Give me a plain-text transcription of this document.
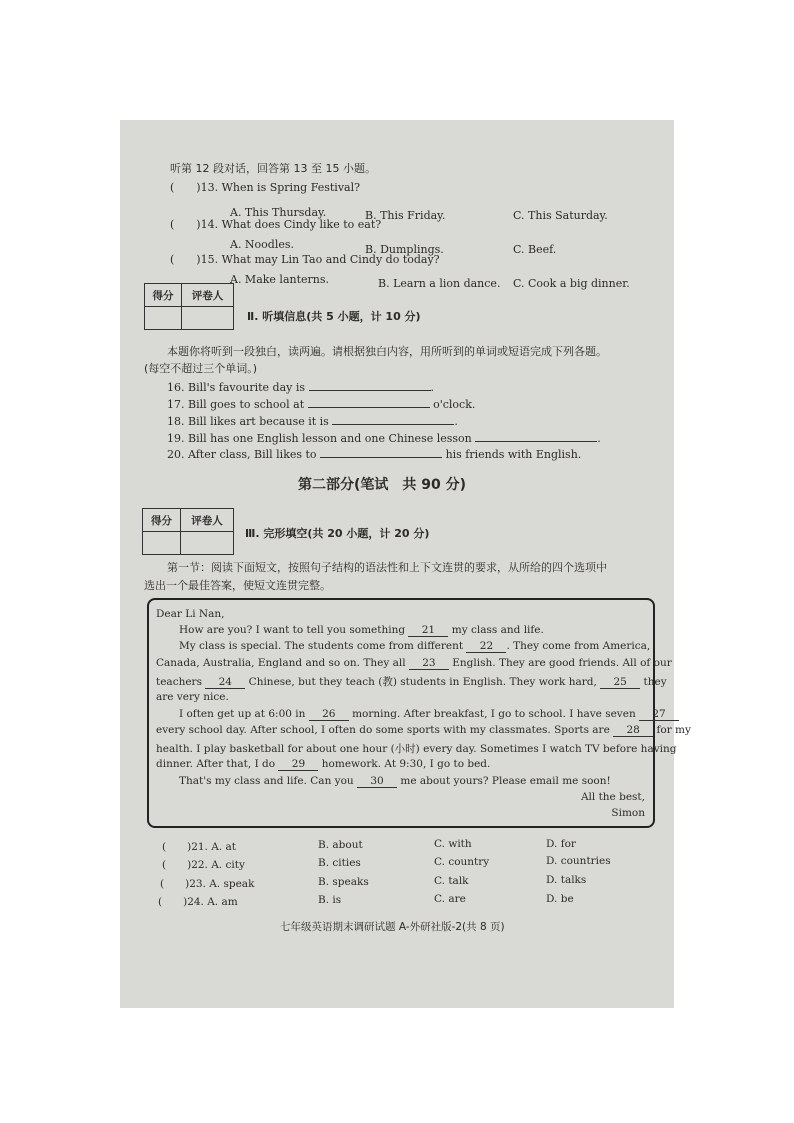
听第 12 段对话，回答第 13 至 15 小题。
(　　)13. When is Spring Festival?
A. This Thursday.	B. This Friday.	C. This Saturday.
(　　)14. What does Cindy like to eat?
A. Noodles.	B. Dumplings.	C. Beef.
(　　)15. What may Lin Tao and Cindy do today?
A. Make lanterns.	B. Learn a lion dance. C. Cook a big dinner.
得分	评卷人
Ⅱ. 听填信息(共 5 小题，计 10 分)
本题你将听到一段独白，读两遍。请根据独白内容，用所听到的单词或短语完成下列各题。
(每空不超过三个单词。)
16. Bill's favourite day is	.
17. Bill goes to school at	o'clock.
18. Bill likes art because it is	.
19. Bill has one English lesson and one Chinese lesson	.
20. After class, Bill likes to	his friends with English.
第二部分(笔试　共 90 分)
得分	评卷人
Ⅲ. 完形填空(共 20 小题，计 20 分)
第一节：阅读下面短文，按照句子结构的语法性和上下文连贯的要求，从所给的四个选项中
选出一个最佳答案，使短文连贯完整。
Dear Li Nan,
How are you? I want to tell you something 21 my class and life.
My class is special. The students come from different 22 . They come from America,
Canada, Australia, England and so on. They all 23 English. They are good friends. All of our
teachers 24 Chinese, but they teach (教) students in English. They work hard, 25 they
are very nice.
I often get up at 6:00 in 26 morning. After breakfast, I go to school. I have seven 27
every school day. After school, I often do some sports with my classmates. Sports are 28 for my
health. I play basketball for about one hour (小时) every day. Sometimes I watch TV before having
dinner. After that, I do 29 homework. At 9:30, I go to bed.
That's my class and life. Can you 30 me about yours? Please email me soon!
All the best,
Simon
(　　)21. A. at	B. about	C. with	D. for
(　　)22. A. city	B. cities	C. country	D. countries
(　　)23. A. speak	B. speaks	C. talk	D. talks
(　　)24. A. am	B. is	C. are	D. be
七年级英语期末调研试题 A-外研社版-2(共 8 页)
